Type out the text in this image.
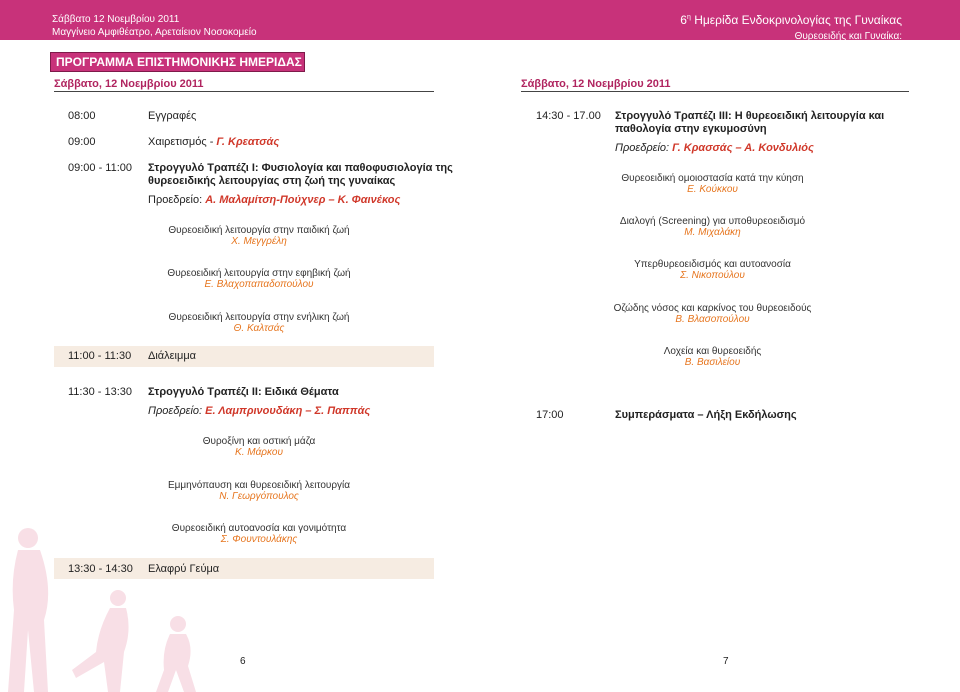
Σάββατο 12 Νοεμβρίου 2011
Μαγγίνειο Αμφιθέατρο, Αρεταίειον Νοσοκομείο
$6^\eta$ Ημερίδα Ενδοκρινολογίας της Γυναίκας
Θυρεοειδής και Γυναίκα:
Εφηβεία, Εγκυμοσύνη, Εμμηνόπαυση
ΠΡΟΓΡΑΜΜΑ ΕΠΙΣΤΗΜΟΝΙΚΗΣ ΗΜΕΡΙΔΑΣ
Σάββατο, 12 Νοεμβρίου 2011
08:00	Εγγραφές
09:00	Χαιρετισμός - Γ. Κρεατσάς
09:00 - 11:00 Στρογγυλό Τραπέζι Ι: Φυσιολογία και παθοφυσιολογία της
θυρεοειδικής λειτουργίας στη ζωή της γυναίκας
Προεδρείο: Α. Μαλαμίτση-Πούχνερ – Κ. Φαινέκος
Θυρεοειδική λειτουργία στην παιδική ζωή
Χ. Μεγγρέλη
Θυρεοειδική λειτουργία στην εφηβική ζωή
Ε. Βλαχοπαπαδοπούλου
Θυρεοειδική λειτουργία στην ενήλικη ζωή
Θ. Καλτσάς
11:00 - 11:30 Διάλειμμα
11:30 - 13:30 Στρογγυλό Τραπέζι ΙΙ: Ειδικά Θέματα
Προεδρείο: Ε. Λαμπρινουδάκη – Σ. Παππάς
Θυροξίνη και οστική μάζα
Κ. Μάρκου
Εμμηνόπαυση και θυρεοειδική λειτουργία
Ν. Γεωργόπουλος
Θυρεοειδική αυτοανοσία και γονιμότητα
Σ. Φουντουλάκης
13:30 - 14:30 Ελαφρύ Γεύμα
6
Σάββατο, 12 Νοεμβρίου 2011
14:30 - 17.00 Στρογγυλό Τραπέζι ΙΙΙ: Η θυρεοειδική λειτουργία και
παθολογία στην εγκυμοσύνη
Προεδρείο: Γ. Κρασσάς – Α. Κονδυλιός
Θυρεοειδική ομοιοστασία κατά την κύηση
Ε. Κούκκου
Διαλογή (Screening) για υποθυρεοειδισμό
Μ. Μιχαλάκη
Υπερθυρεοειδισμός και αυτοανοσία
Σ. Νικοπούλου
Οζώδης νόσος και καρκίνος του θυρεοειδούς
Β. Βλασοπούλου
Λοχεία και θυρεοειδής
Β. Βασιλείου
17:00	Συμπεράσματα – Λήξη Εκδήλωσης
7
